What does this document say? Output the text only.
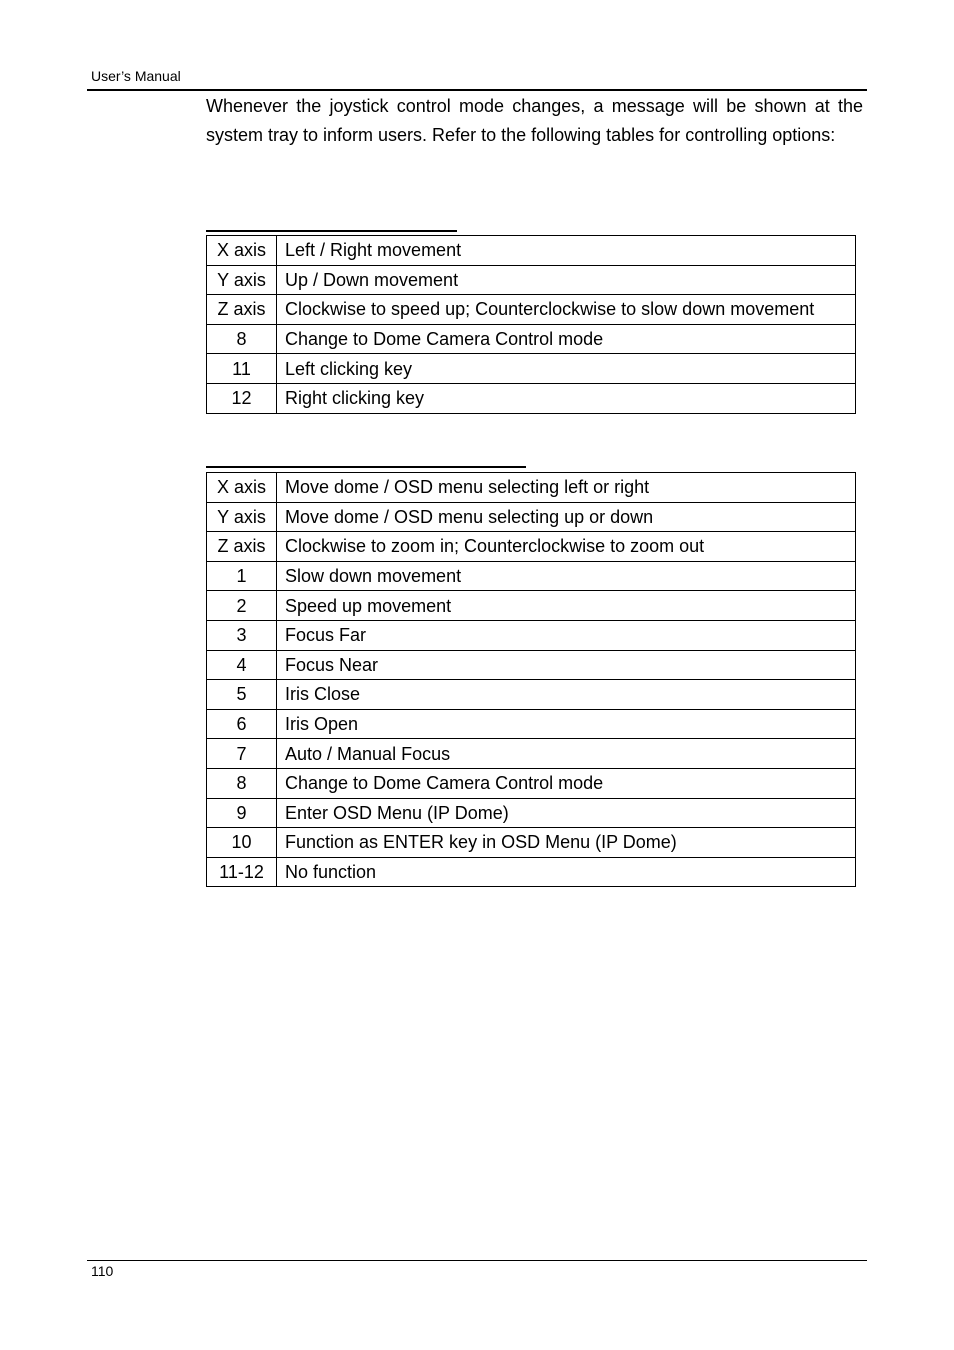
User’s Manual

Whenever the joystick control mode changes, a message will be shown at the system tray to inform users. Refer to the following tables for controlling options:

X axis	Left / Right movement
Y axis	Up / Down movement
Z axis	Clockwise to speed up; Counterclockwise to slow down movement
8	Change to Dome Camera Control mode
11	Left clicking key
12	Right clicking key
X axis	Move dome / OSD menu selecting left or right
Y axis	Move dome / OSD menu selecting up or down
Z axis	Clockwise to zoom in; Counterclockwise to zoom out
1	Slow down movement
2	Speed up movement
3	Focus Far
4	Focus Near
5	Iris Close
6	Iris Open
7	Auto / Manual Focus
8	Change to Dome Camera Control mode
9	Enter OSD Menu (IP Dome)
10	Function as ENTER key in OSD Menu (IP Dome)
11-12	No function
110
